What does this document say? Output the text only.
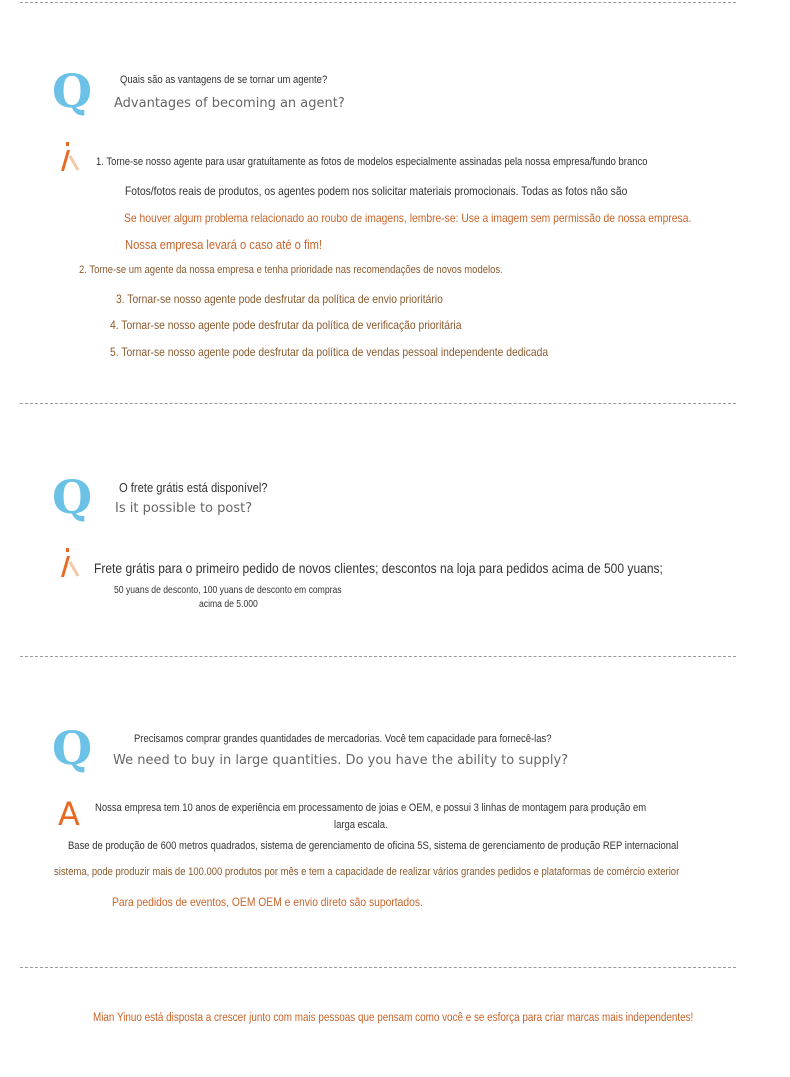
Q	Quais são as vantagens de se tornar um agente?
Advantages of becoming an agent?
1. Torne-se nosso agente para usar gratuitamente as fotos de modelos especialmente assinadas pela nossa empresa/fundo branco
Fotos/fotos reais de produtos, os agentes podem nos solicitar materiais promocionais. Todas as fotos não são
Se houver algum problema relacionado ao roubo de imagens, lembre-se: Use a imagem sem permissão de nossa empresa.
Nossa empresa levará o caso até o fim!
2. Torne-se um agente da nossa empresa e tenha prioridade nas recomendações de novos modelos.
3. Tornar-se nosso agente pode desfrutar da política de envio prioritário
4. Tornar-se nosso agente pode desfrutar da política de verificação prioritária
5. Tornar-se nosso agente pode desfrutar da política de vendas pessoal independente dedicada
Q O frete grátis está disponível?
Is it possible to post?
Frete grátis para o primeiro pedido de novos clientes; descontos na loja para pedidos acima de 500 yuans;
50 yuans de desconto, 100 yuans de desconto em compras
acima de 5.000
Q	Precisamos comprar grandes quantidades de mercadorias. Você tem capacidade para fornecê-las?
We need to buy in large quantities. Do you have the ability to supply?
A Nossa empresa tem 10 anos de experiência em processamento de joias e OEM, e possui 3 linhas de montagem para produção em
larga escala.
Base de produção de 600 metros quadrados, sistema de gerenciamento de oficina 5S, sistema de gerenciamento de produção REP internacional
sistema, pode produzir mais de 100.000 produtos por mês e tem a capacidade de realizar vários grandes pedidos e plataformas de comércio exterior
Para pedidos de eventos, OEM OEM e envio direto são suportados.
Mian Yinuo está disposta a crescer junto com mais pessoas que pensam como você e se esforça para criar marcas mais independentes!
